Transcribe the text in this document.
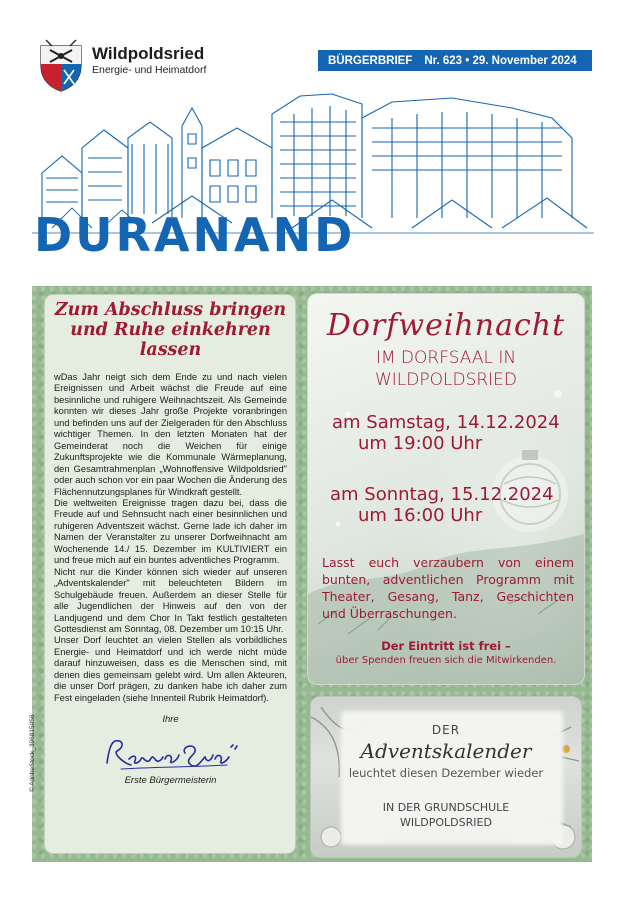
Wildpoldsried
Energie- und Heimatdorf
BÜRGERBRIEF Nr. 623 • 29. November 2024
DURANAND
© AdobeStock_396815056
Zum Abschluss bringen und Ruhe einkehren lassen

wDas Jahr neigt sich dem Ende zu und nach vielen Ereignissen und Arbeit wächst die Freude auf eine besinnliche und ruhigere Weihnachtszeit. Als Gemeinde konnten wir dieses Jahr große Projekte voranbringen und befinden uns auf der Zielgeraden für den Abschluss wichtiger Themen. In den letzten Monaten hat der Gemeinderat noch die Weichen für einige Zukunftsprojekte wie die Kommunale Wärmeplanung, den Gesamtrahmenplan „Wohnoffensive Wildpoldsried" oder auch schon vor ein paar Wochen die Änderung des Flächennutzungsplanes für Windkraft gestellt.

Die weltweiten Ereignisse tragen dazu bei, dass die Freude auf und Sehnsucht nach einer besinnlichen und ruhigeren Adventszeit wächst. Gerne lade ich daher im Namen der Veranstalter zu unserer Dorfweihnacht am Wochenende 14./ 15. Dezember im KULTIVIERT ein und freue mich auf ein buntes adventliches Programm.

Nicht nur die Kinder können sich wieder auf unseren „Adventskalender" mit beleuchteten Bildern im Schulgebäude freuen. Außerdem an dieser Stelle für alle Jugendlichen der Hinweis auf den von der Landjugend und dem Chor In Takt festlich gestalteten Gottesdienst am Sonntag, 08. Dezember um 10:15 Uhr.

Unser Dorf leuchtet an vielen Stellen als vorbildliches Energie- und Heimatdorf und ich werde nicht müde darauf hinzuweisen, dass es die Menschen sind, mit denen dies gemeinsam gelebt wird. Um allen Akteuren, die unser Dorf prägen, zu danken habe ich daher zum Fest eingeladen (siehe Innenteil Rubrik Heimatdorf).

Ihre
Erste Bürgermeisterin
Dorfweihnacht
IM DORFSAAL IN
WILDPOLDSRIED
am Samstag, 14.12.2024
um 19:00 Uhr
am Sonntag, 15.12.2024
um 16:00 Uhr
Lasst euch verzaubern von einem bunten, adventlichen Programm mit Theater, Gesang, Tanz, Geschichten und Überraschungen.
Der Eintritt ist frei –
über Spenden freuen sich die Mitwirkenden.
DER
Adventskalender
leuchtet diesen Dezember wieder
IN DER GRUNDSCHULE
WILDPOLDSRIED
